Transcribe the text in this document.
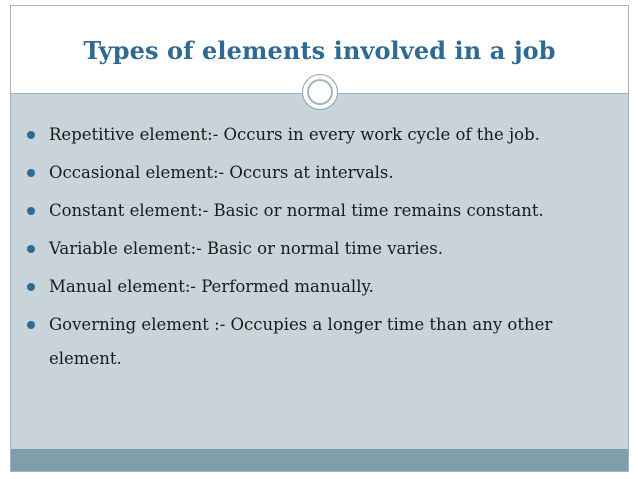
Types of elements involved in a job
Repetitive element:- Occurs in every work cycle of the job.
Occasional element:- Occurs at intervals.
Constant element:- Basic or normal time remains constant.
Variable element:- Basic or normal time varies.
Manual element:- Performed manually.
Governing element :- Occupies a longer time than any other element.
